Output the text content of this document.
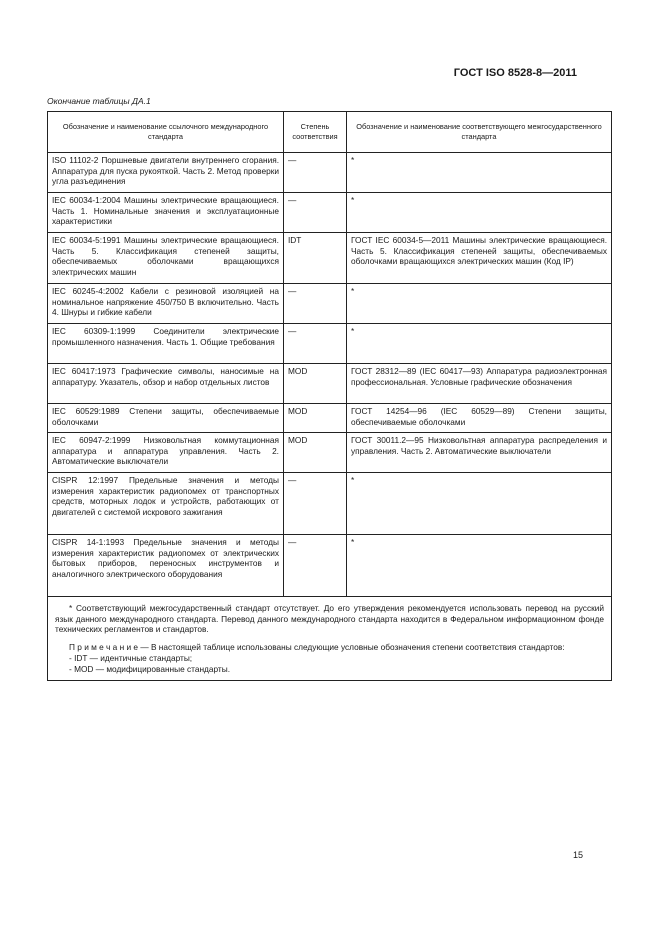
ГОСТ ISO 8528-8—2011
Окончание таблицы ДА.1
Обозначение и наименование ссылочного международного стандарта	Степень соответствия	Обозначение и наименование соответствующего межгосударственного стандарта
ISO 11102-2 Поршневые двигатели внутреннего сгорания. Аппаратура для пуска рукояткой. Часть 2. Метод проверки угла разъединения	—	*
IEC 60034-1:2004 Машины электрические вращающиеся. Часть 1. Номинальные значения и эксплуатационные характеристики	—	*
IEC 60034-5:1991 Машины электрические вращающиеся. Часть 5. Классификация степеней защиты, обеспечиваемых оболочками вращающихся электрических машин	IDT	ГОСТ IEC 60034-5—2011 Машины электрические вращающиеся. Часть 5. Классификация степеней защиты, обеспечиваемых оболочками вращающихся электрических машин (Код IP)
IEC 60245-4:2002 Кабели с резиновой изоляцией на номинальное напряжение 450/750 В включительно. Часть 4. Шнуры и гибкие кабели	—	*
IEC 60309-1:1999 Соединители электрические промышленного назначения. Часть 1. Общие требования	—	*
IEC 60417:1973 Графические символы, наносимые на аппаратуру. Указатель, обзор и набор отдельных листов	MOD	ГОСТ 28312—89 (IEC 60417—93) Аппаратура радиоэлектронная профессиональная. Условные графические обозначения
IEC 60529:1989 Степени защиты, обеспечиваемые оболочками	MOD	ГОСТ 14254—96 (IEC 60529—89) Степени защиты, обеспечиваемые оболочками
IEC 60947-2:1999 Низковольтная коммутационная аппаратура и аппаратура управления. Часть 2. Автоматические выключатели	MOD	ГОСТ 30011.2—95 Низковольтная аппаратура распределения и управления. Часть 2. Автоматические выключатели
CISPR 12:1997 Предельные значения и методы измерения характеристик радиопомех от транспортных средств, моторных лодок и устройств, работающих от двигателей с системой искрового зажигания	—	*
CISPR 14-1:1993 Предельные значения и методы измерения характеристик радиопомех от электрических бытовых приборов, переносных инструментов и аналогичного электрического оборудования	—	*

* Соответствующий межгосударственный стандарт отсутствует. До его утверждения рекомендуется использовать перевод на русский язык данного международного стандарта. Перевод данного международного стандарта находится в Федеральном информационном фонде технических регламентов и стандартов.

П р и м е ч а н и е — В настоящей таблице использованы следующие условные обозначения степени соответствия стандартов:

- IDT — идентичные стандарты;

- MOD — модифицированные стандарты.		

15
